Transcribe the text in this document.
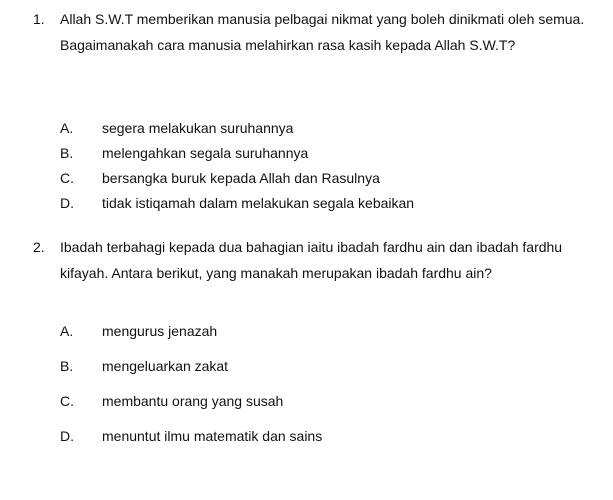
1. Allah S.W.T memberikan manusia pelbagai nikmat yang boleh dinikmati oleh semua. Bagaimanakah cara manusia melahirkan rasa kasih kepada Allah S.W.T?
A. segera melakukan suruhannya
B. melengahkan segala suruhannya
C. bersangka buruk kepada Allah dan Rasulnya
D. tidak istiqamah dalam melakukan segala kebaikan
2. Ibadah terbahagi kepada dua bahagian iaitu ibadah fardhu ain dan ibadah fardhu kifayah. Antara berikut, yang manakah merupakan ibadah fardhu ain?
A. mengurus jenazah
B. mengeluarkan zakat
C. membantu orang yang susah
D. menuntut ilmu matematik dan sains
